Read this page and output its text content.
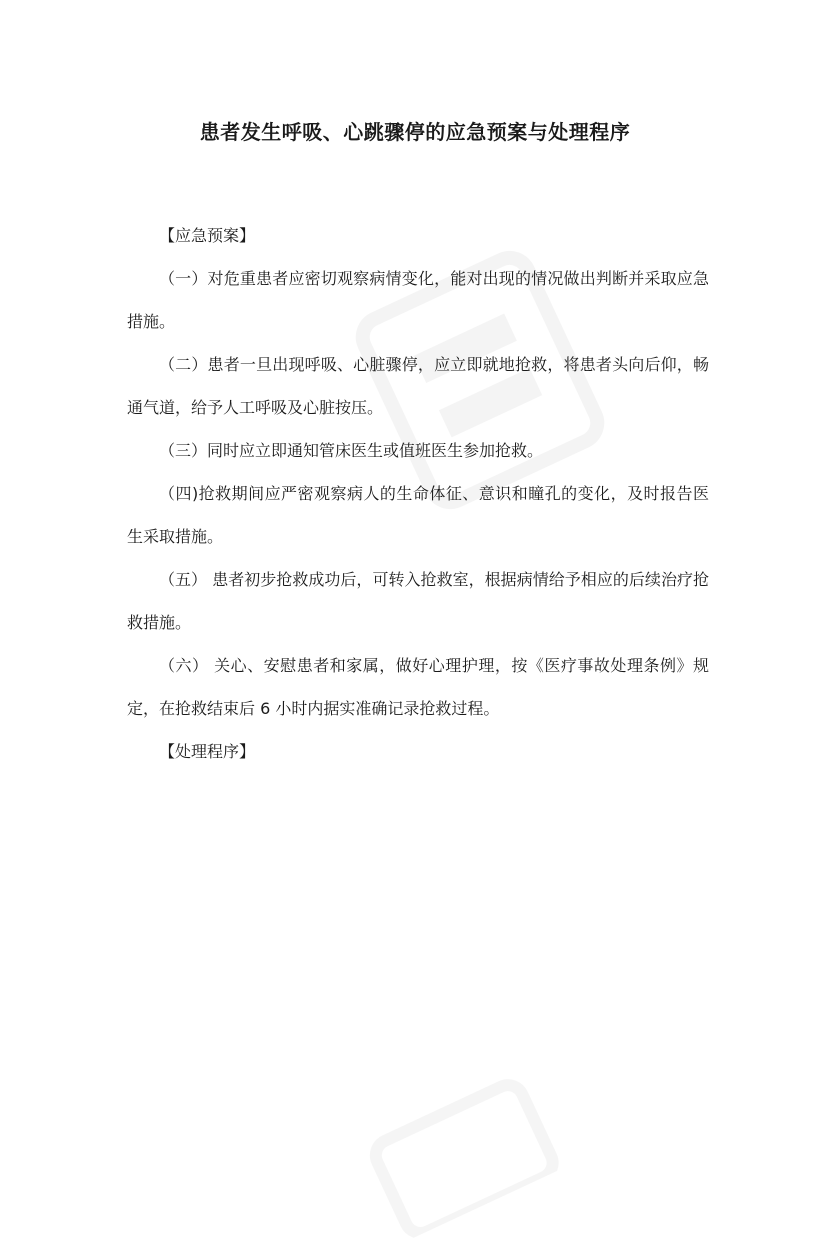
患者发生呼吸、心跳骤停的应急预案与处理程序

【应急预案】

（一）对危重患者应密切观察病情变化，能对出现的情况做出判断并采取应急措施。

（二）患者一旦出现呼吸、心脏骤停，应立即就地抢救，将患者头向后仰，畅通气道，给予人工呼吸及心脏按压。

（三）同时应立即通知管床医生或值班医生参加抢救。

（四)抢救期间应严密观察病人的生命体征、意识和瞳孔的变化，及时报告医生采取措施。

（五） 患者初步抢救成功后，可转入抢救室，根据病情给予相应的后续治疗抢救措施。

（六） 关心、安慰患者和家属，做好心理护理，按《医疗事故处理条例》规定，在抢救结束后 6 小时内据实准确记录抢救过程。

【处理程序】
